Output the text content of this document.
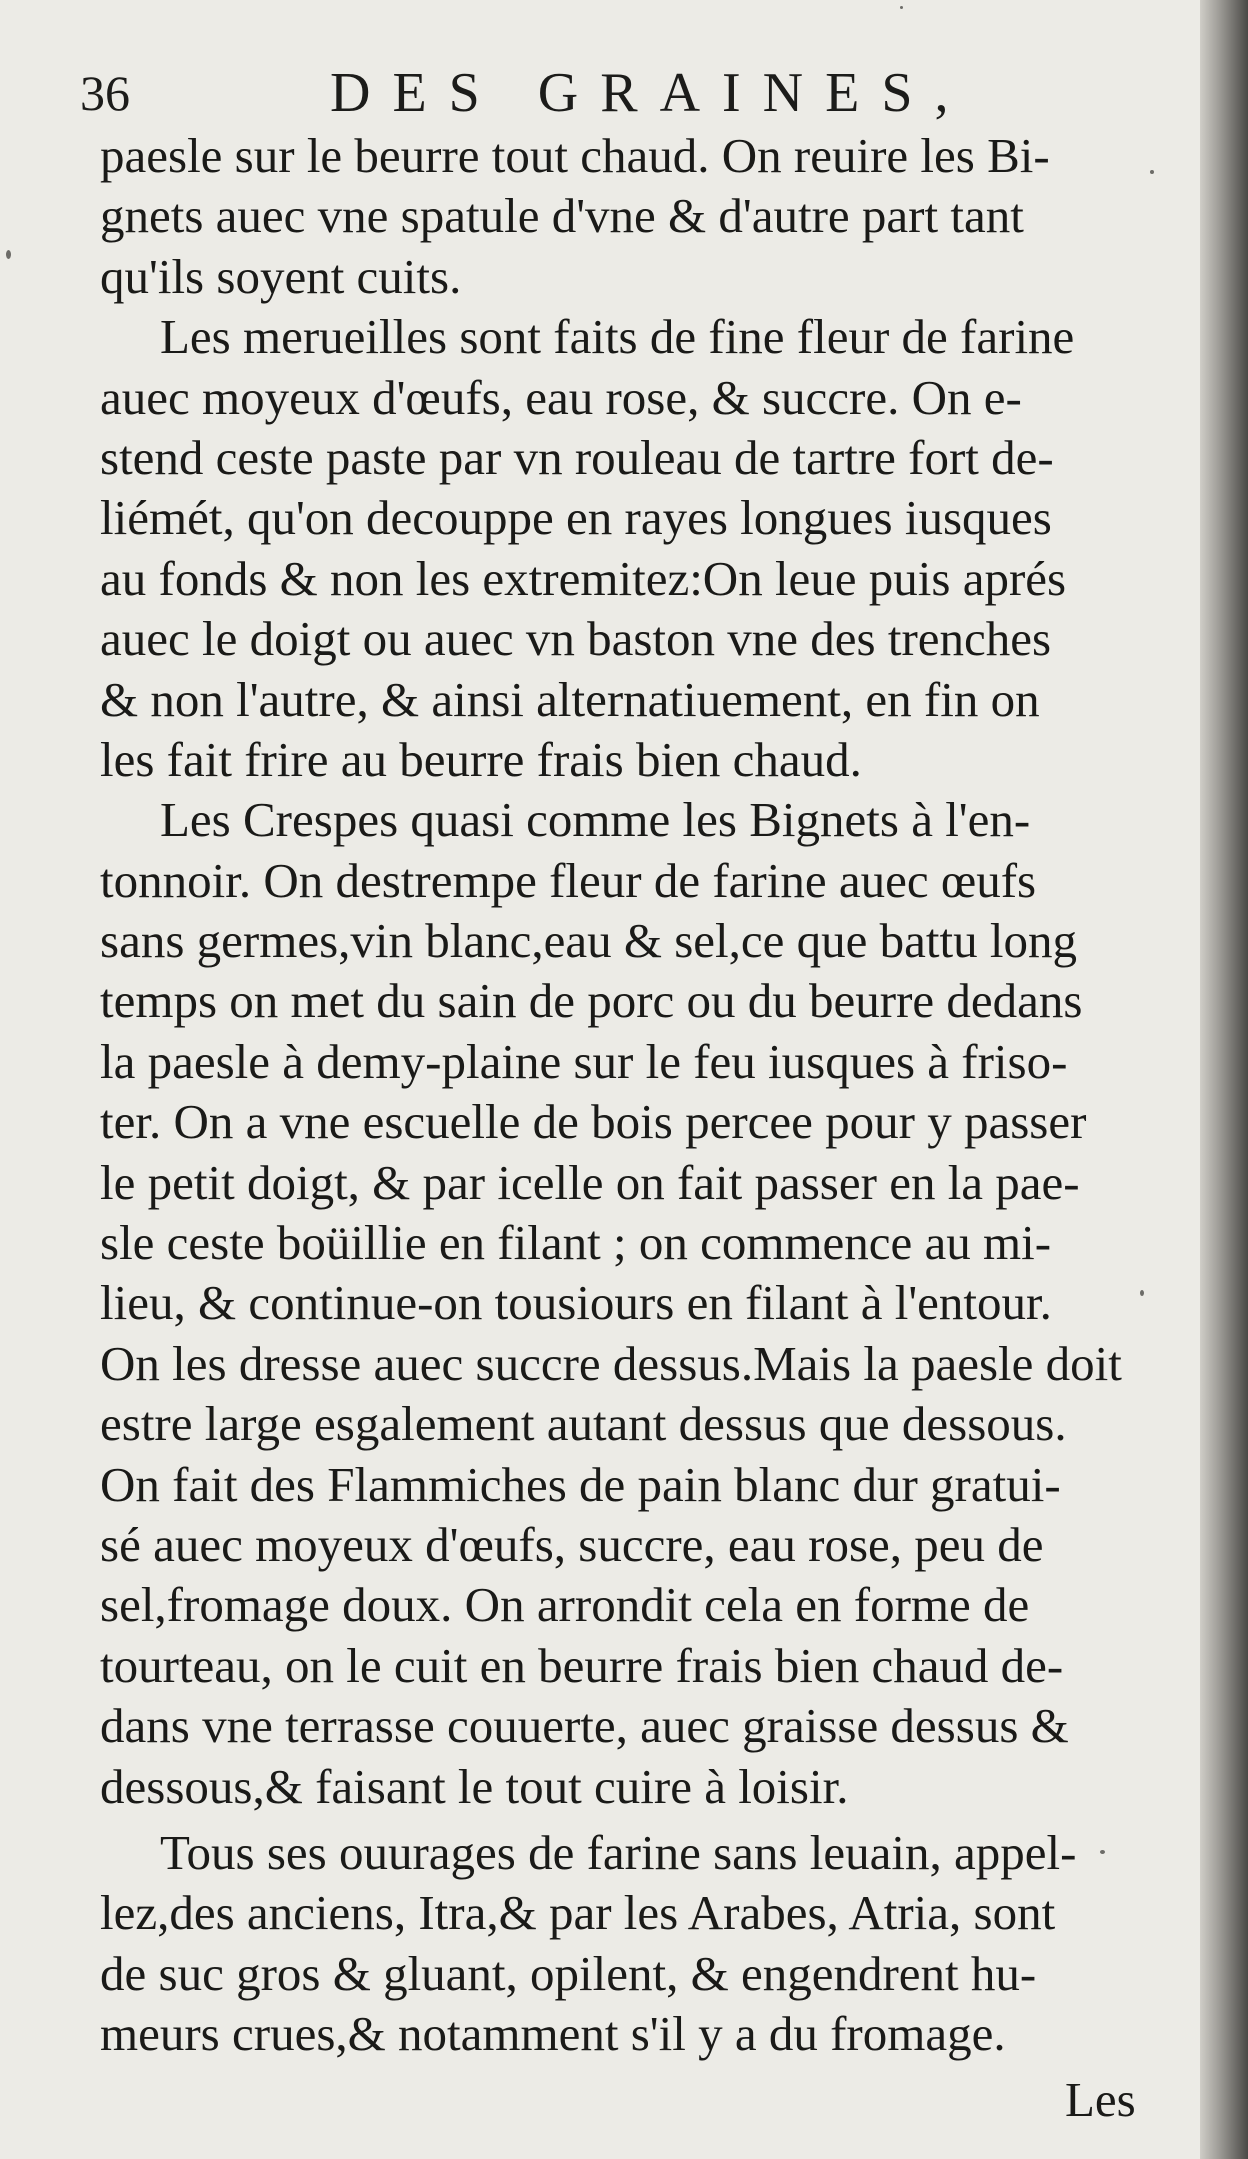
36	DES GRAINES,
paesle sur le beurre tout chaud. On reuire les Bi-
gnets auec vne spatule d'vne & d'autre part tant
qu'ils soyent cuits.
Les merueilles sont faits de fine fleur de farine
auec moyeux d'œufs, eau rose, & succre. On e-
stend ceste paste par vn rouleau de tartre fort de-
liémét, qu'on decouppe en rayes longues iusques
au fonds & non les extremitez:On leue puis aprés
auec le doigt ou auec vn baston vne des trenches
& non l'autre, & ainsi alternatiuement, en fin on
les fait frire au beurre frais bien chaud.
Les Crespes quasi comme les Bignets à l'en-
tonnoir. On destrempe fleur de farine auec œufs
sans germes,vin blanc,eau & sel,ce que battu long
temps on met du sain de porc ou du beurre dedans
la paesle à demy-plaine sur le feu iusques à friso-
ter. On a vne escuelle de bois percee pour y passer
le petit doigt, & par icelle on fait passer en la pae-
sle ceste boüillie en filant ; on commence au mi-
lieu, & continue-on tousiours en filant à l'entour.
On les dresse auec succre dessus.Mais la paesle doit
estre large esgalement autant dessus que dessous.
On fait des Flammiches de pain blanc dur gratui-
sé auec moyeux d'œufs, succre, eau rose, peu de
sel,fromage doux. On arrondit cela en forme de
tourteau, on le cuit en beurre frais bien chaud de-
dans vne terrasse couuerte, auec graisse dessus &
dessous,& faisant le tout cuire à loisir.
Tous ses ouurages de farine sans leuain, appel-
lez,des anciens, Itra,& par les Arabes, Atria, sont
de suc gros & gluant, opilent, & engendrent hu-
meurs crues,& notamment s'il y a du fromage.
Les
